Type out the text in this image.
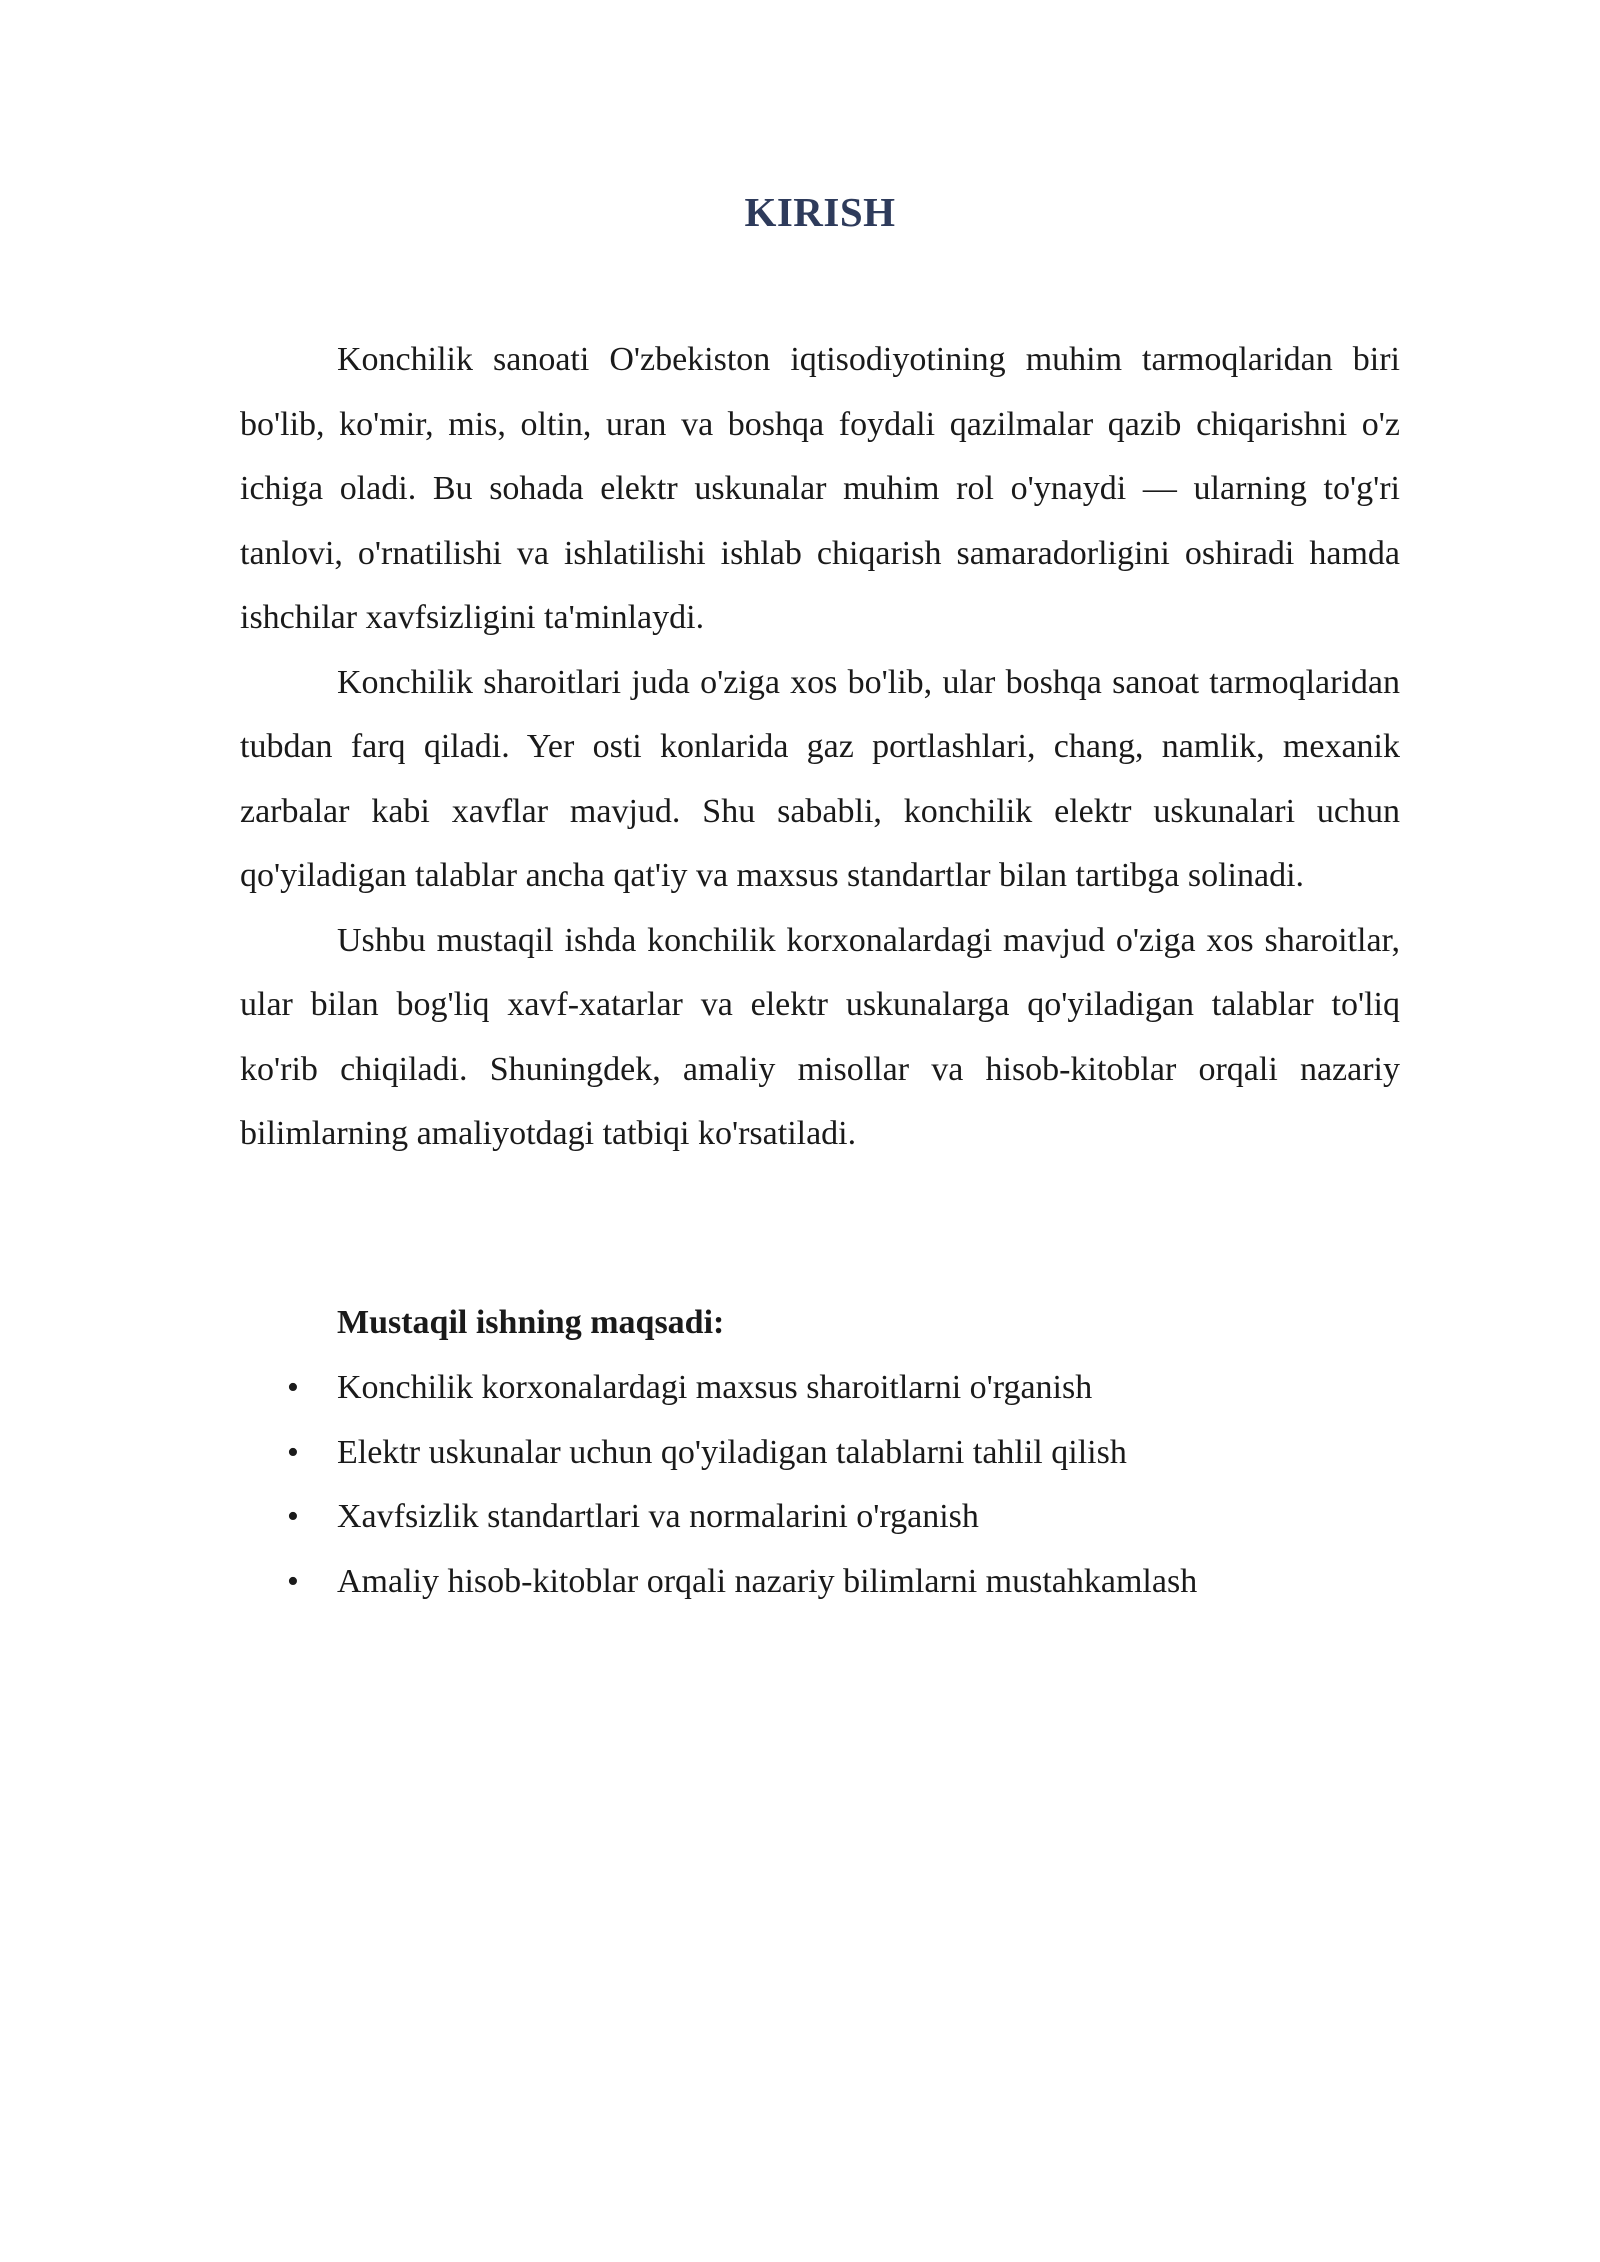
KIRISH

Konchilik sanoati O'zbekiston iqtisodiyotining muhim tarmoqlaridan biri bo'lib, ko'mir, mis, oltin, uran va boshqa foydali qazilmalar qazib chiqarishni o'z ichiga oladi. Bu sohada elektr uskunalar muhim rol o'ynaydi — ularning to'g'ri tanlovi, o'rnatilishi va ishlatilishi ishlab chiqarish samaradorligini oshiradi hamda ishchilar xavfsizligini ta'minlaydi.

Konchilik sharoitlari juda o'ziga xos bo'lib, ular boshqa sanoat tarmoqlaridan tubdan farq qiladi. Yer osti konlarida gaz portlashlari, chang, namlik, mexanik zarbalar kabi xavflar mavjud. Shu sababli, konchilik elektr uskunalari uchun qo'yiladigan talablar ancha qat'iy va maxsus standartlar bilan tartibga solinadi.

Ushbu mustaqil ishda konchilik korxonalardagi mavjud o'ziga xos sharoitlar, ular bilan bog'liq xavf-xatarlar va elektr uskunalarga qo'yiladigan talablar to'liq ko'rib chiqiladi. Shuningdek, amaliy misollar va hisob-kitoblar orqali nazariy bilimlarning amaliyotdagi tatbiqi ko'rsatiladi.

Mustaqil ishning maqsadi:

•	Konchilik korxonalardagi maxsus sharoitlarni o'rganish
•	Elektr uskunalar uchun qo'yiladigan talablarni tahlil qilish
•	Xavfsizlik standartlari va normalarini o'rganish
•	Amaliy hisob-kitoblar orqali nazariy bilimlarni mustahkamlash
